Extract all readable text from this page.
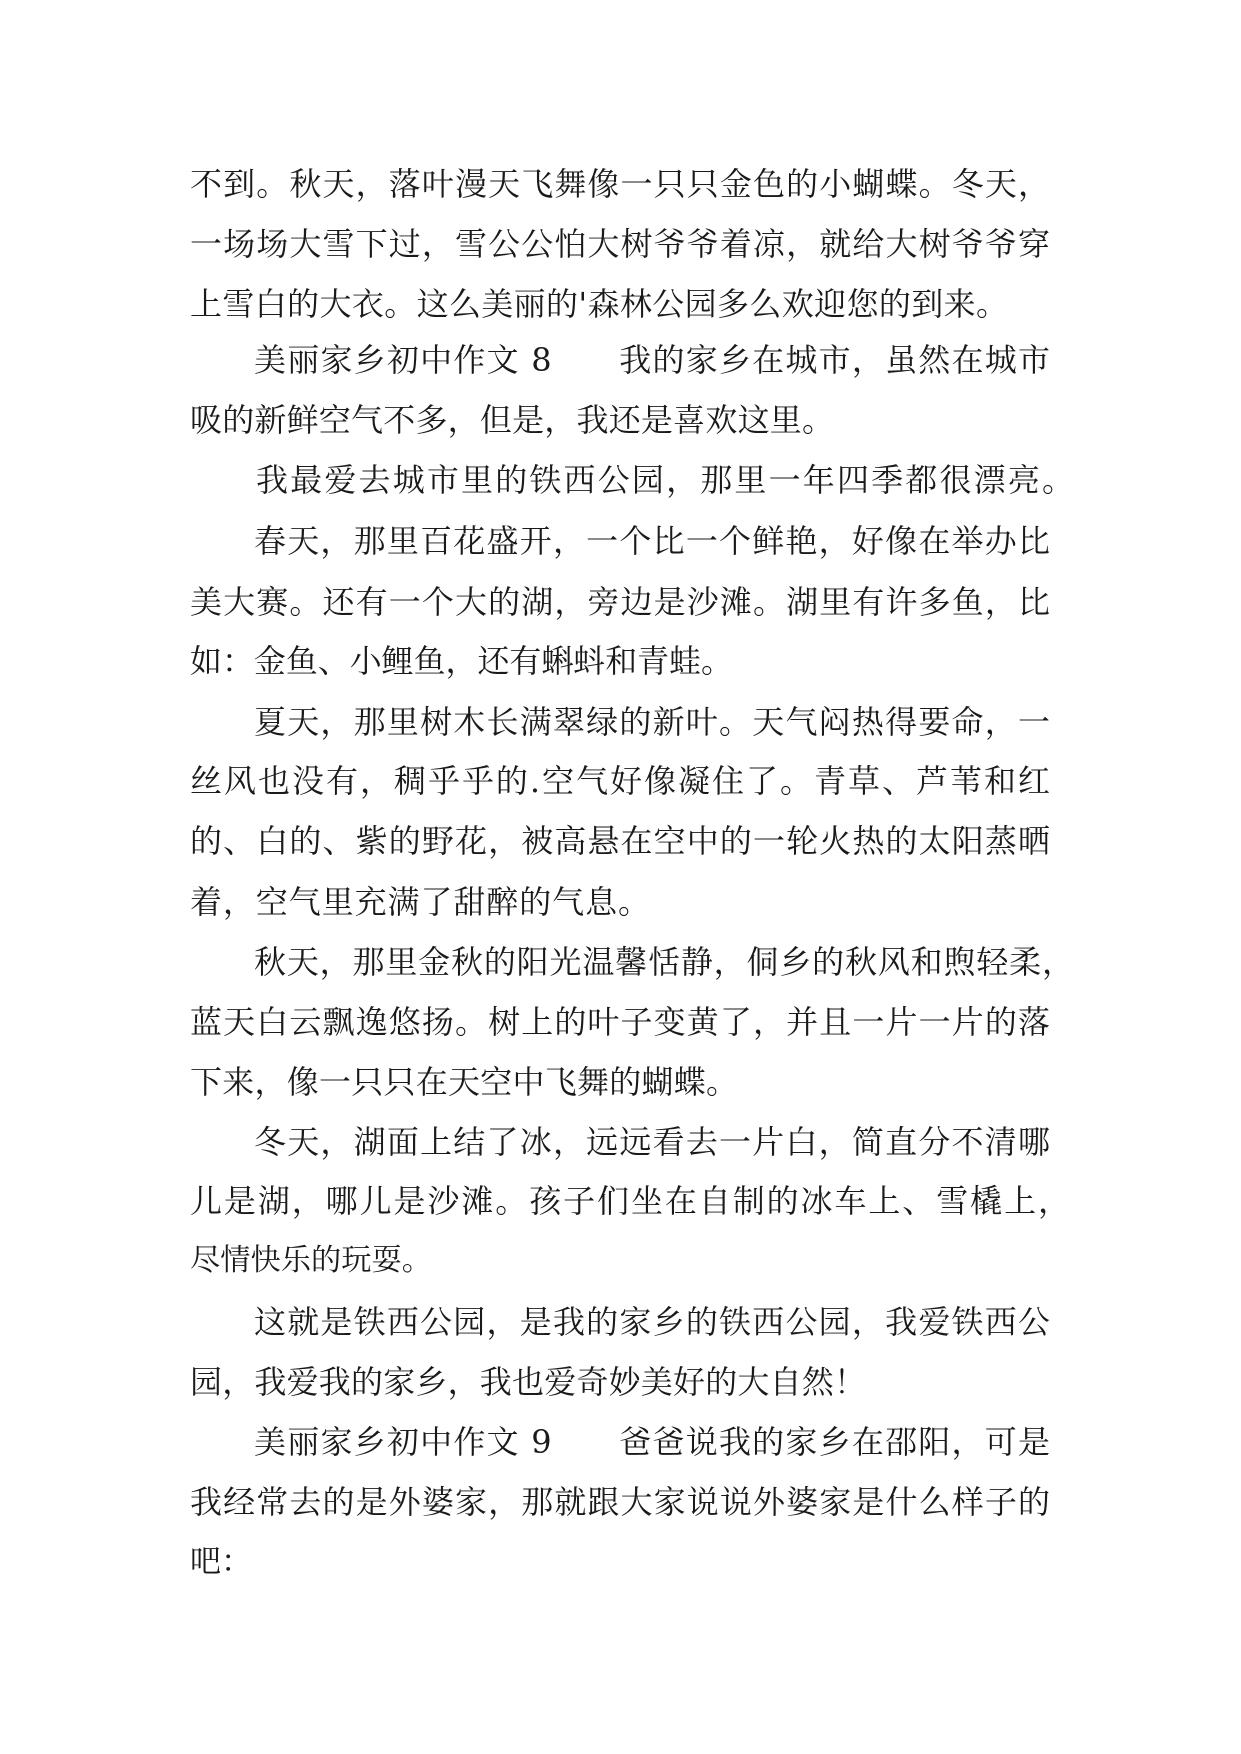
不到。秋天，落叶漫天飞舞像一只只金色的小蝴蝶。冬天，

一场场大雪下过，雪公公怕大树爷爷着凉，就给大树爷爷穿

上雪白的大衣。这么美丽的'森林公园多么欢迎您的到来。

美丽家乡初中作文 8　　我的家乡在城市，虽然在城市

吸的新鲜空气不多，但是，我还是喜欢这里。

我最爱去城市里的铁西公园，那里一年四季都很漂亮。

春天，那里百花盛开，一个比一个鲜艳，好像在举办比

美大赛。还有一个大的湖，旁边是沙滩。湖里有许多鱼，比

如：金鱼、小鲤鱼，还有蝌蚪和青蛙。

夏天，那里树木长满翠绿的新叶。天气闷热得要命，一

丝风也没有，稠乎乎的.空气好像凝住了。青草、芦苇和红

的、白的、紫的野花，被高悬在空中的一轮火热的太阳蒸晒

着，空气里充满了甜醉的气息。

秋天，那里金秋的阳光温馨恬静，侗乡的秋风和煦轻柔，

蓝天白云飘逸悠扬。树上的叶子变黄了，并且一片一片的落

下来，像一只只在天空中飞舞的蝴蝶。

冬天，湖面上结了冰，远远看去一片白，简直分不清哪

儿是湖，哪儿是沙滩。孩子们坐在自制的冰车上、雪橇上，

尽情快乐的玩耍。

这就是铁西公园，是我的家乡的铁西公园，我爱铁西公

园，我爱我的家乡，我也爱奇妙美好的大自然！

美丽家乡初中作文 9　　爸爸说我的家乡在邵阳，可是

我经常去的是外婆家，那就跟大家说说外婆家是什么样子的

吧：
